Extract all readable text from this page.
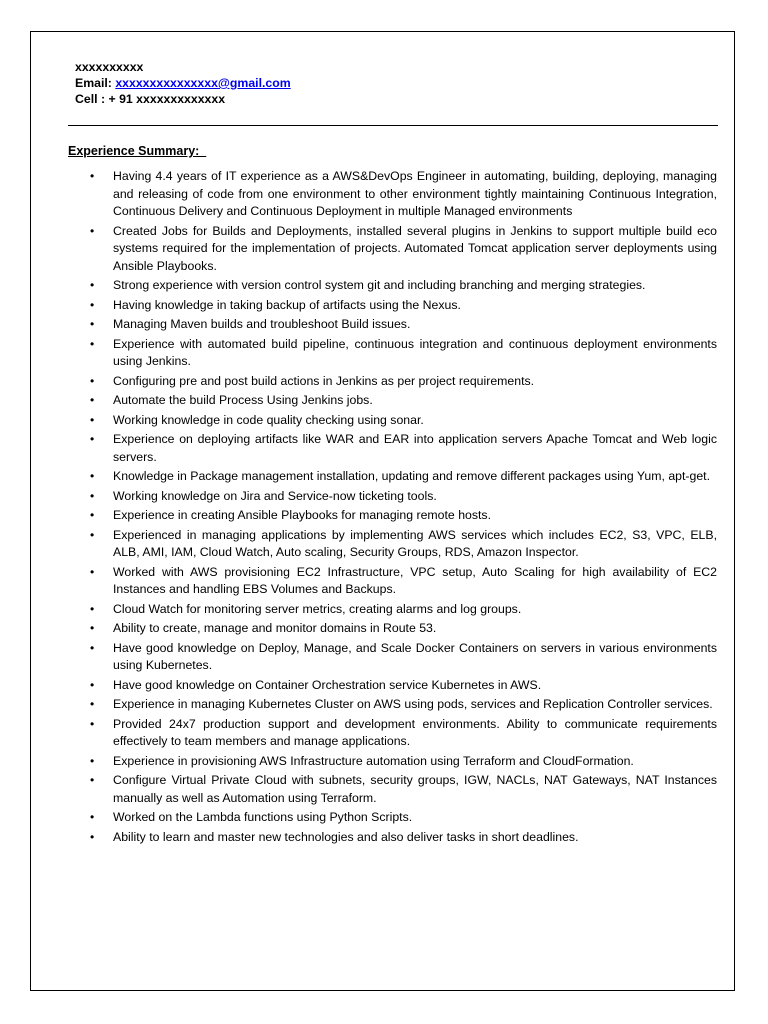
xxxxxxxxxx
Email: xxxxxxxxxxxxxxx@gmail.com
Cell : + 91 xxxxxxxxxxxxx
Experience Summary:
• Having 4.4 years of IT experience as a AWS&DevOps Engineer in automating, building, deploying, managing and releasing of code from one environment to other environment tightly maintaining Continuous Integration, Continuous Delivery and Continuous Deployment in multiple Managed environments
• Created Jobs for Builds and Deployments, installed several plugins in Jenkins to support multiple build eco systems required for the implementation of projects. Automated Tomcat application server deployments using Ansible Playbooks.
• Strong experience with version control system git and including branching and merging strategies.
• Having knowledge in taking backup of artifacts using the Nexus.
• Managing Maven builds and troubleshoot Build issues.
• Experience with automated build pipeline, continuous integration and continuous deployment environments using Jenkins.
• Configuring pre and post build actions in Jenkins as per project requirements.
• Automate the build Process Using Jenkins jobs.
• Working knowledge in code quality checking using sonar.
• Experience on deploying artifacts like WAR and EAR into application servers Apache Tomcat and Web logic servers.
• Knowledge in Package management installation, updating and remove different packages using Yum, apt-get.
• Working knowledge on Jira and Service-now ticketing tools.
• Experience in creating Ansible Playbooks for managing remote hosts.
• Experienced in managing applications by implementing AWS services which includes EC2, S3, VPC, ELB, ALB, AMI, IAM, Cloud Watch, Auto scaling, Security Groups, RDS, Amazon Inspector.
• Worked with AWS provisioning EC2 Infrastructure, VPC setup, Auto Scaling for high availability of EC2 Instances and handling EBS Volumes and Backups.
• Cloud Watch for monitoring server metrics, creating alarms and log groups.
• Ability to create, manage and monitor domains in Route 53.
• Have good knowledge on Deploy, Manage, and Scale Docker Containers on servers in various environments using Kubernetes.
• Have good knowledge on Container Orchestration service Kubernetes in AWS.
• Experience in managing Kubernetes Cluster on AWS using pods, services and Replication Controller services.
• Provided 24x7 production support and development environments. Ability to communicate requirements effectively to team members and manage applications.
• Experience in provisioning AWS Infrastructure automation using Terraform and CloudFormation.
• Configure Virtual Private Cloud with subnets, security groups, IGW, NACLs, NAT Gateways, NAT Instances manually as well as Automation using Terraform.
• Worked on the Lambda functions using Python Scripts.
• Ability to learn and master new technologies and also deliver tasks in short deadlines.
